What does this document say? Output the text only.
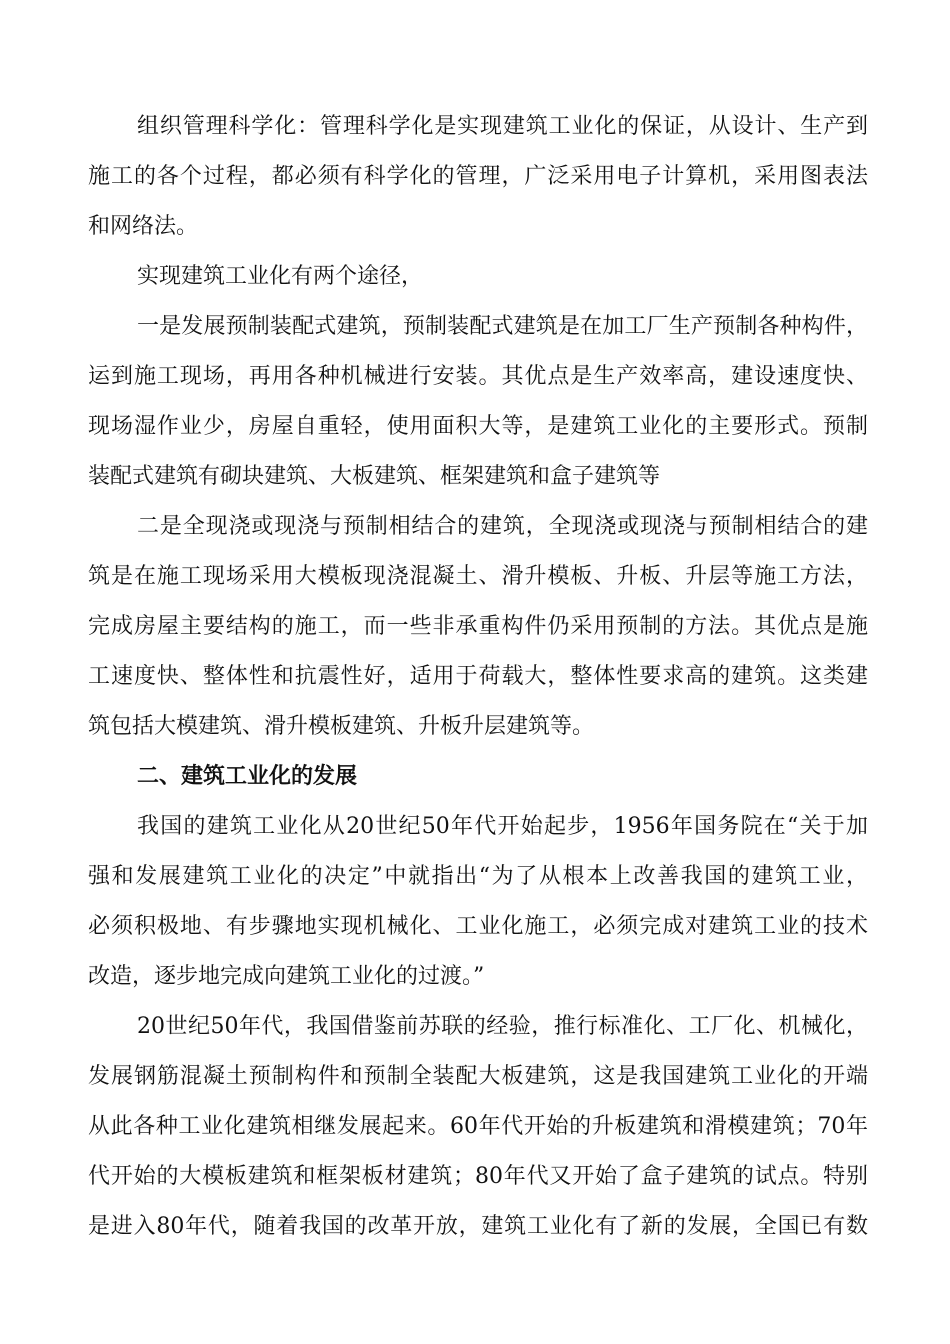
组织管理科学化：管理科学化是实现建筑工业化的保证，从设计、生产到
施工的各个过程，都必须有科学化的管理，广泛采用电子计算机，采用图表法
和网络法。
实现建筑工业化有两个途径，
一是发展预制装配式建筑，预制装配式建筑是在加工厂生产预制各种构件，
运到施工现场，再用各种机械进行安装。其优点是生产效率高，建设速度快、
现场湿作业少，房屋自重轻，使用面积大等，是建筑工业化的主要形式。预制
装配式建筑有砌块建筑、大板建筑、框架建筑和盒子建筑等
二是全现浇或现浇与预制相结合的建筑，全现浇或现浇与预制相结合的建
筑是在施工现场采用大模板现浇混凝土、滑升模板、升板、升层等施工方法，
完成房屋主要结构的施工，而一些非承重构件仍采用预制的方法。其优点是施
工速度快、整体性和抗震性好，适用于荷载大，整体性要求高的建筑。这类建
筑包括大模建筑、滑升模板建筑、升板升层建筑等。
二、建筑工业化的发展
我国的建筑工业化从20世纪50年代开始起步，1956年国务院在“关于加
强和发展建筑工业化的决定”中就指出“为了从根本上改善我国的建筑工业，
必须积极地、有步骤地实现机械化、工业化施工，必须完成对建筑工业的技术
改造，逐步地完成向建筑工业化的过渡。”
20世纪50年代，我国借鉴前苏联的经验，推行标准化、工厂化、机械化，
发展钢筋混凝土预制构件和预制全装配大板建筑，这是我国建筑工业化的开端
从此各种工业化建筑相继发展起来。60年代开始的升板建筑和滑模建筑；70年
代开始的大模板建筑和框架板材建筑；80年代又开始了盒子建筑的试点。特别
是进入80年代，随着我国的改革开放，建筑工业化有了新的发展，全国已有数
